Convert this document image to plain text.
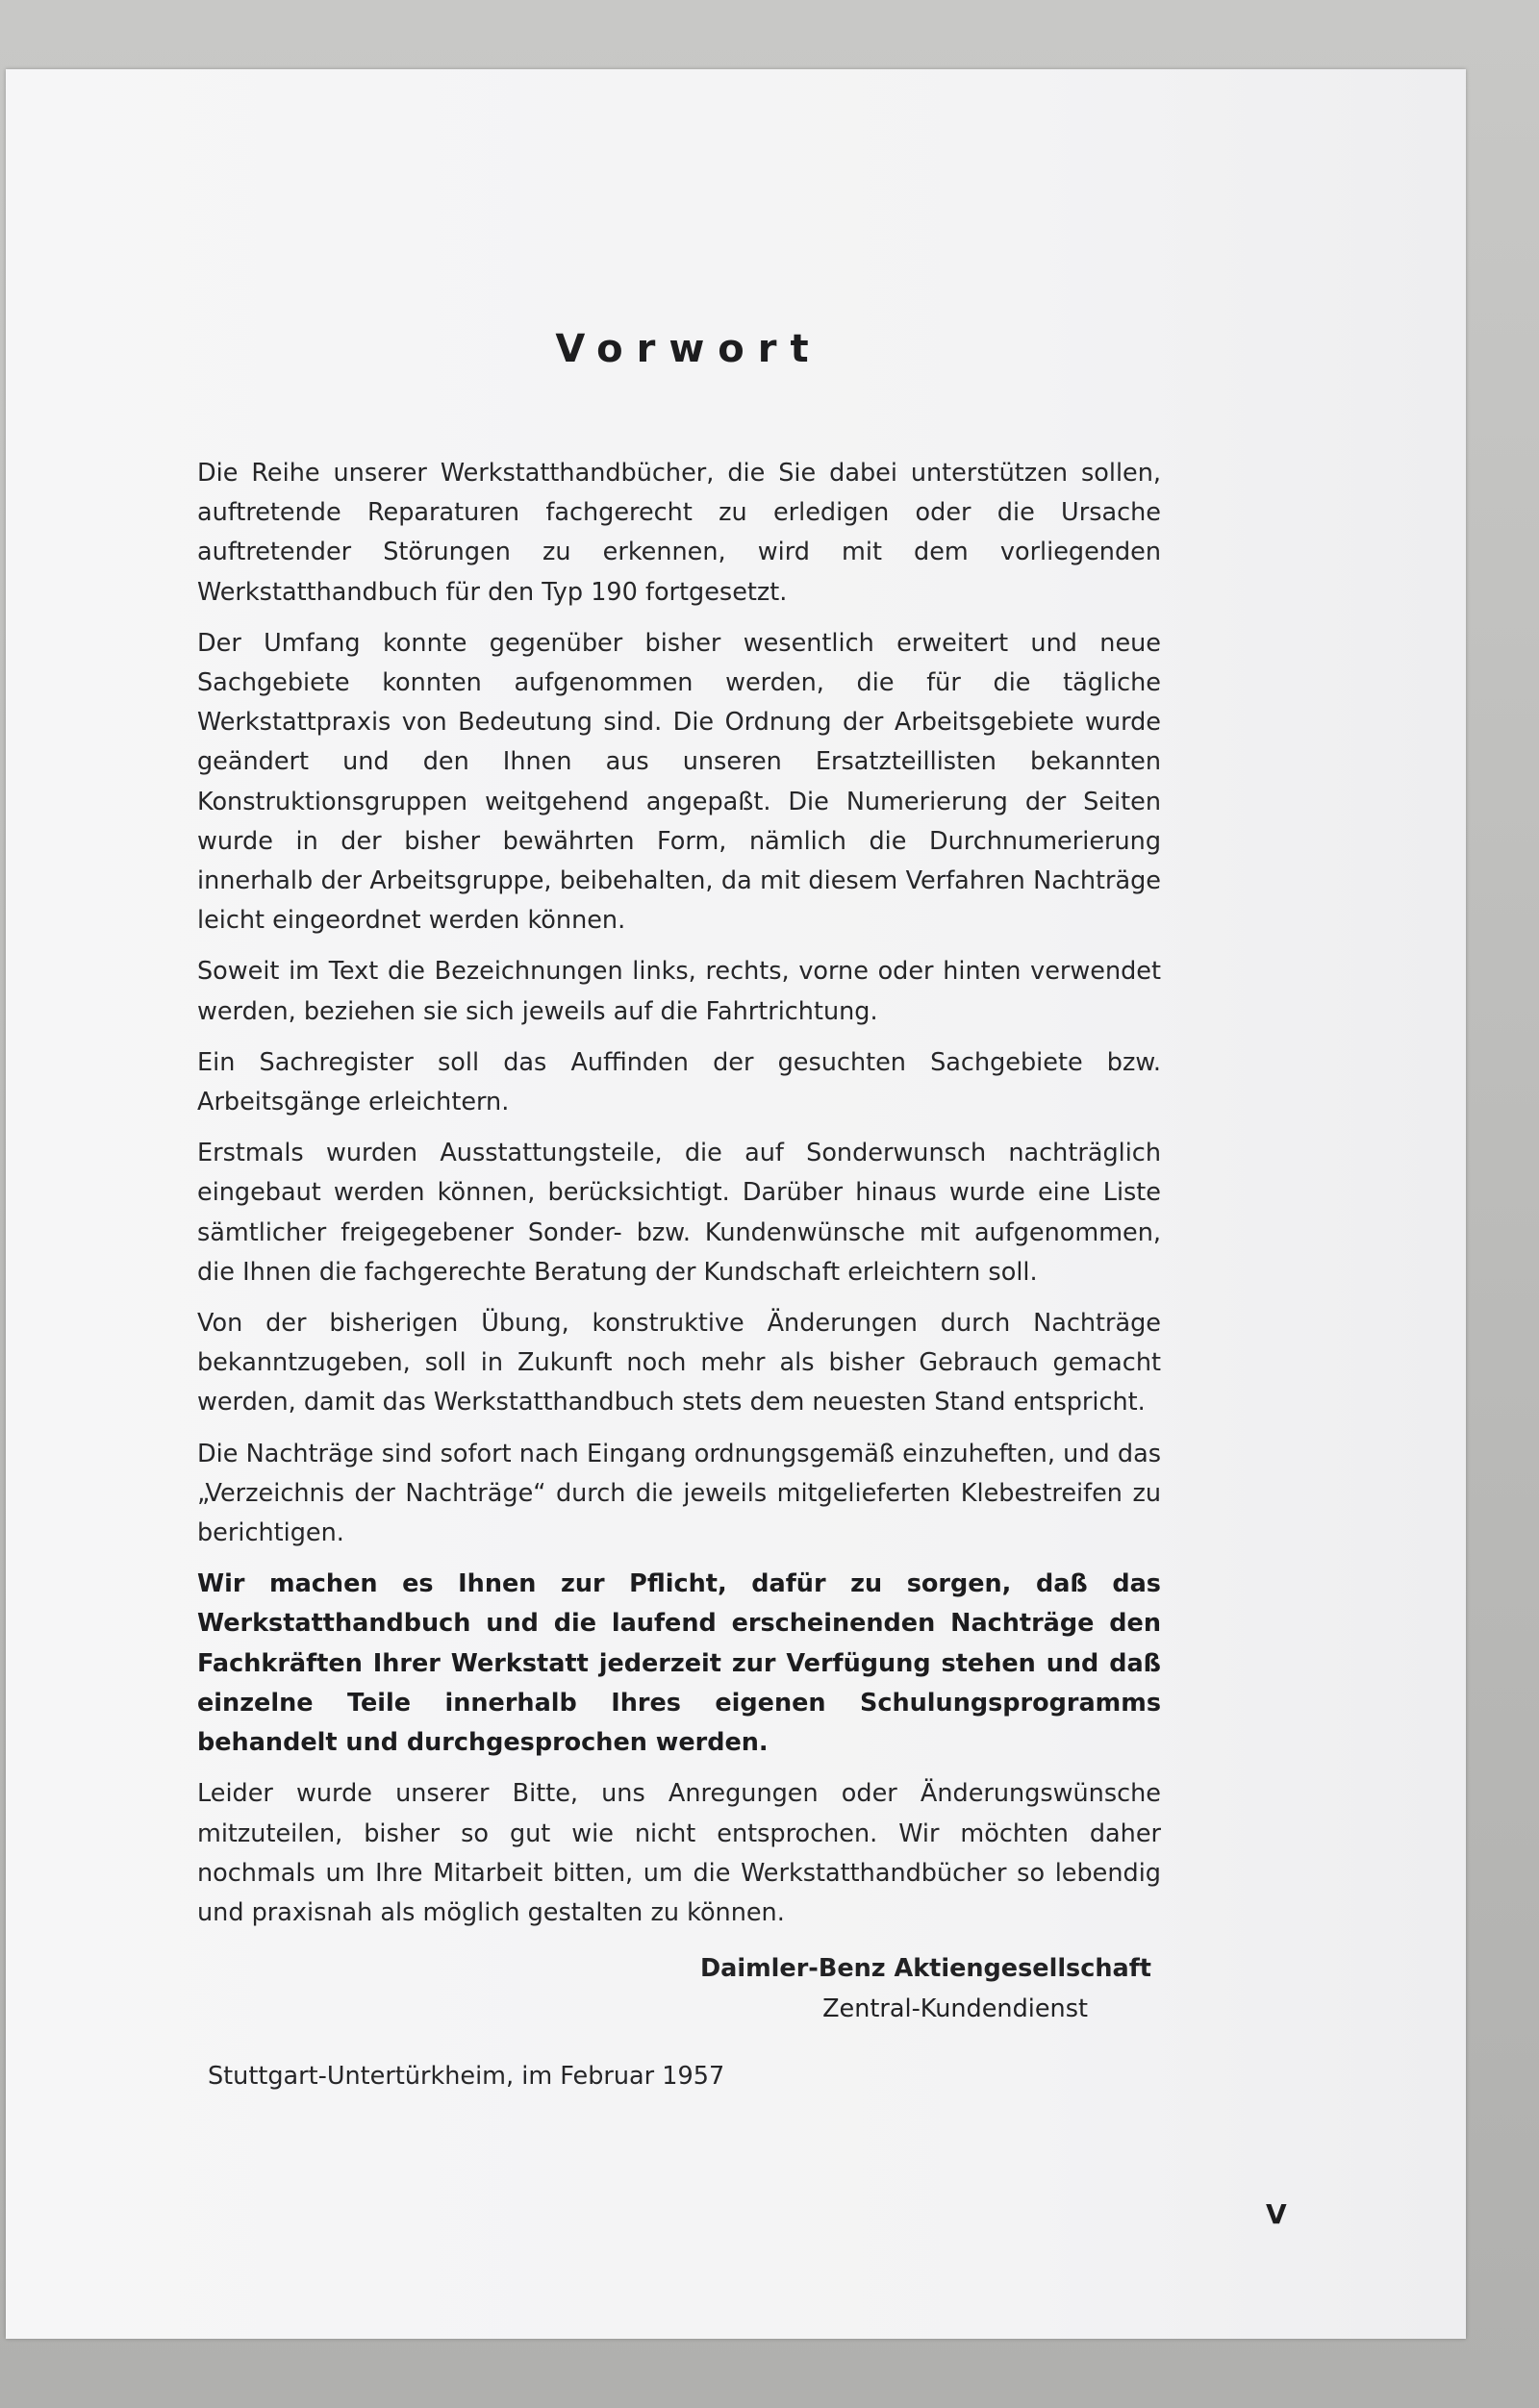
Vorwort

Die Reihe unserer Werkstatthandbücher, die Sie dabei unterstützen sollen, auftretende Reparaturen fachgerecht zu erledigen oder die Ursache auftretender Störungen zu erkennen, wird mit dem vorliegenden Werkstatthandbuch für den Typ 190 fortgesetzt.

Der Umfang konnte gegenüber bisher wesentlich erweitert und neue Sachgebiete konnten aufgenommen werden, die für die tägliche Werkstattpraxis von Bedeutung sind. Die Ordnung der Arbeitsgebiete wurde geändert und den Ihnen aus unseren Ersatzteillisten bekannten Konstruktionsgruppen weitgehend angepaßt. Die Numerierung der Seiten wurde in der bisher bewährten Form, nämlich die Durchnumerierung innerhalb der Arbeitsgruppe, beibehalten, da mit diesem Verfahren Nachträge leicht eingeordnet werden können.

Soweit im Text die Bezeichnungen links, rechts, vorne oder hinten verwendet werden, beziehen sie sich jeweils auf die Fahrtrichtung.

Ein Sachregister soll das Auffinden der gesuchten Sachgebiete bzw. Arbeitsgänge erleichtern.

Erstmals wurden Ausstattungsteile, die auf Sonderwunsch nachträglich eingebaut werden können, berücksichtigt. Darüber hinaus wurde eine Liste sämtlicher freigegebener Sonder- bzw. Kundenwünsche mit aufgenommen, die Ihnen die fachgerechte Beratung der Kundschaft erleichtern soll.

Von der bisherigen Übung, konstruktive Änderungen durch Nachträge bekanntzugeben, soll in Zukunft noch mehr als bisher Gebrauch gemacht werden, damit das Werkstatthandbuch stets dem neuesten Stand entspricht.

Die Nachträge sind sofort nach Eingang ordnungsgemäß einzuheften, und das „Verzeichnis der Nachträge“ durch die jeweils mitgelieferten Klebestreifen zu berichtigen.

Wir machen es Ihnen zur Pflicht, dafür zu sorgen, daß das Werkstatthandbuch und die laufend erscheinenden Nachträge den Fachkräften Ihrer Werkstatt jederzeit zur Verfügung stehen und daß einzelne Teile innerhalb Ihres eigenen Schulungsprogramms behandelt und durchgesprochen werden.

Leider wurde unserer Bitte, uns Anregungen oder Änderungswünsche mitzuteilen, bisher so gut wie nicht entsprochen. Wir möchten daher nochmals um Ihre Mitarbeit bitten, um die Werkstatthandbücher so lebendig und praxisnah als möglich gestalten zu können.

Daimler-Benz Aktiengesellschaft
Zentral-Kundendienst
Stuttgart-Untertürkheim, im Februar 1957
V
